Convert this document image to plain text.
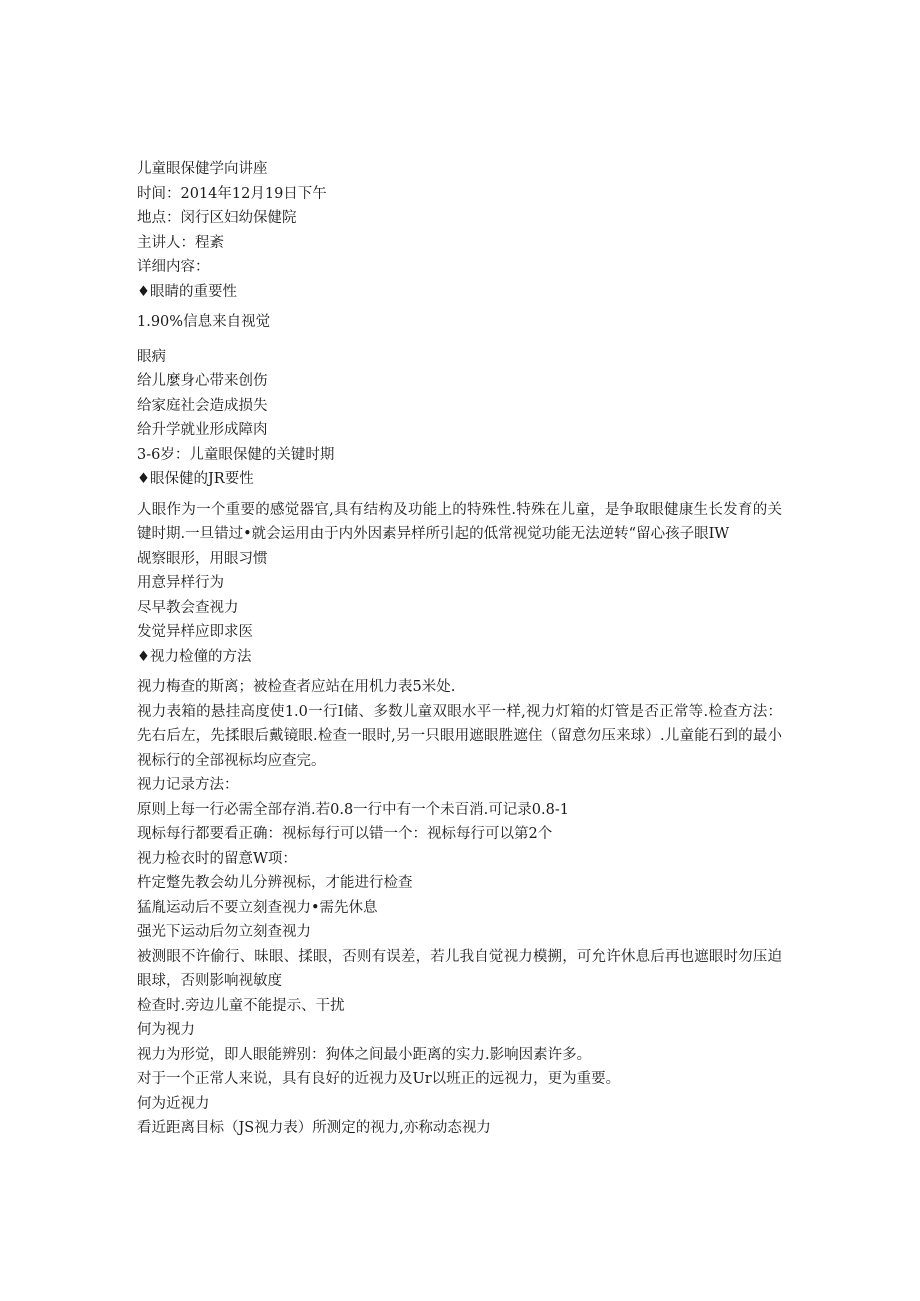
儿童眼保健学向讲座
时间：2014年12月19日下午
地点：闵行区妇幼保健院
主讲人：程紊
详细内容：
♦眼睛的重要性
1.90%信息来自视觉
眼病
给儿麼身心带来创伤
给家庭社会造成损失
给升学就业形成障肉
3-6岁：儿童眼保健的关键时期
♦眼保健的JR要性
人眼作为一个重要的感觉器官,具有结构及功能上的特殊性.特殊在儿童，是争取眼健康生长发育的关键时期.一旦错过•就会运用由于内外因素异样所引起的低常视觉功能无法逆转“留心孩子眼IW
觇察眼形，用眼习惯
用意异样行为
尽早教会查视力
发觉异样应即求医
♦视力检僮的方法
视力梅查的斯离；被检查者应站在用机力表5米处.
视力表箱的悬挂高度使1.0一行I储、多数儿童双眼水平一样,视力灯箱的灯管是否正常等.检查方法：先右后左，先揉眼后戴镜眼.检查一眼时,另一只眼用遮眼胜遮住（留意勿压来球）.儿童能石到的最小视标行的全部视标均应查完。
视力记录方法：
原则上每一行必需全部存消.若0.8一行中有一个未百消.可记录0.8-1
现标每行都要看正确：视标每行可以错一个：视标每行可以第2个
视力检衣时的留意W项：
杵定蹩先教会幼儿分辨视标，才能进行检查
猛胤运动后不要立刻查视力•需先休息
强光下运动后勿立刻查视力
被测眼不许偷行、昧眼、揉眼，否则有误差，若儿我自觉视力模搠，可允许休息后再也遮眼时勿压迫眼球，否则影响视敏度
检查时.旁边儿童不能提示、干扰
何为视力
视力为形觉，即人眼能辨别：狗体之间最小距离的实力.影响因素许多。
对于一个正常人来说，具有良好的近视力及Ur以班正的远视力，更为重要。
何为近视力
看近距离目标（JS视力表）所测定的视力,亦称动态视力
